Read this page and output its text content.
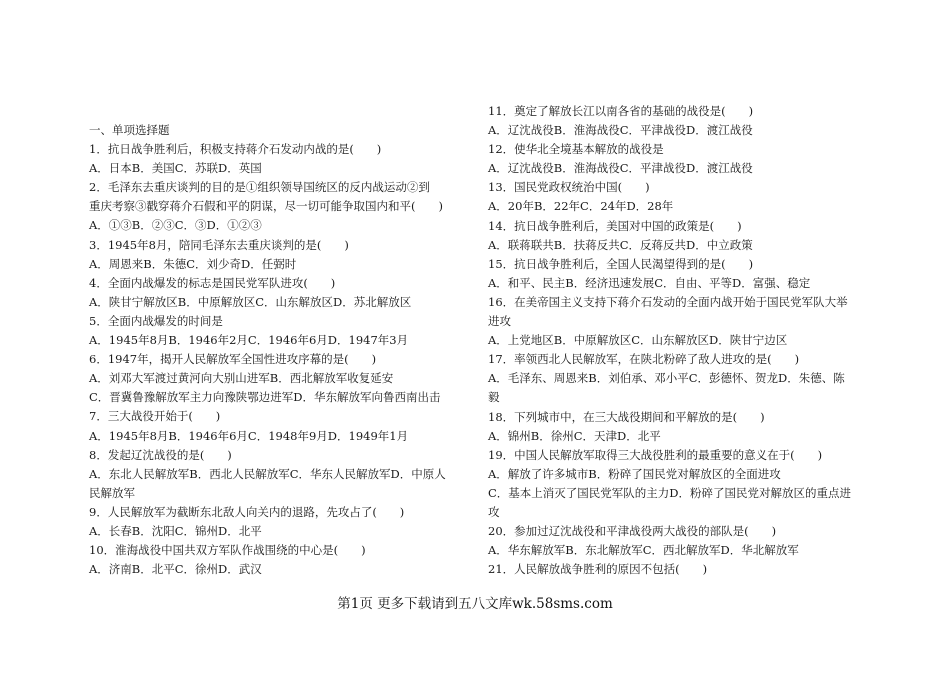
一、单项选择题
1．抗日战争胜利后，积极支持蒋介石发动内战的是(　　)
A．日本B．美国C．苏联D．英国
2．毛泽东去重庆谈判的目的是①组织领导国统区的反内战运动②到
重庆考察③戳穿蒋介石假和平的阴谋，尽一切可能争取国内和平(　　)
A．①③B．②③C．③D．①②③
3．1945年8月，陪同毛泽东去重庆谈判的是(　　)
A．周恩来B．朱德C．刘少奇D．任弼时
4．全面内战爆发的标志是国民党军队进攻(　　)
A．陕甘宁解放区B．中原解放区C．山东解放区D．苏北解放区
5．全面内战爆发的时间是
A．1945年8月B．1946年2月C．1946年6月D．1947年3月
6．1947年，揭开人民解放军全国性进攻序幕的是(　　)
A．刘邓大军渡过黄河向大别山进军B．西北解放军收复延安
C．晋冀鲁豫解放军主力向豫陕鄂边进军D．华东解放军向鲁西南出击
7．三大战役开始于(　　)
A．1945年8月B．1946年6月C．1948年9月D．1949年1月
8．发起辽沈战役的是(　　)
A．东北人民解放军B．西北人民解放军C．华东人民解放军D．中原人
民解放军
9．人民解放军为截断东北敌人向关内的退路，先攻占了(　　)
A．长春B．沈阳C．锦州D．北平
10．淮海战役中国共双方军队作战围绕的中心是(　　)
A．济南B．北平C．徐州D．武汉
11．奠定了解放长江以南各省的基础的战役是(　　)
A．辽沈战役B．淮海战役C．平津战役D．渡江战役
12．使华北全境基本解放的战役是
A．辽沈战役B．淮海战役C．平津战役D．渡江战役
13．国民党政权统治中国(　　)
A．20年B．22年C．24年D．28年
14．抗日战争胜利后，美国对中国的政策是(　　)
A．联蒋联共B．扶蒋反共C．反蒋反共D．中立政策
15．抗日战争胜利后，全国人民渴望得到的是(　　)
A．和平、民主B．经济迅速发展C．自由、平等D．富强、稳定
16．在美帝国主义支持下蒋介石发动的全面内战开始于国民党军队大举
进攻
A．上党地区B．中原解放区C．山东解放区D．陕甘宁边区
17．率领西北人民解放军，在陕北粉碎了敌人进攻的是(　　)
A．毛泽东、周恩来B．刘伯承、邓小平C．彭德怀、贺龙D．朱德、陈
毅
18．下列城市中，在三大战役期间和平解放的是(　　)
A．锦州B．徐州C．天津D．北平
19．中国人民解放军取得三大战役胜利的最重要的意义在于(　　)
A．解放了许多城市B．粉碎了国民党对解放区的全面进攻
C．基本上消灭了国民党军队的主力D．粉碎了国民党对解放区的重点进
攻
20．参加过辽沈战役和平津战役两大战役的部队是(　　)
A．华东解放军B．东北解放军C．西北解放军D．华北解放军
21．人民解放战争胜利的原因不包括(　　)
第1页 更多下载请到五八文库wk.58sms.com
